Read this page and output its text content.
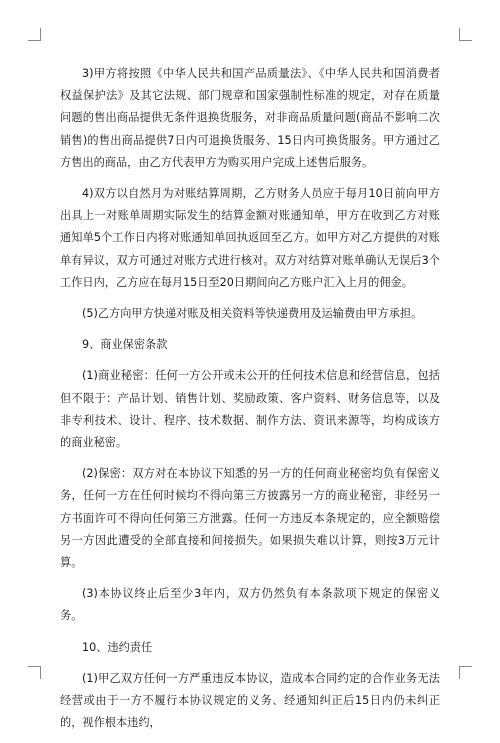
3)甲方将按照《中华人民共和国产品质量法》、《中华人民共和国消费者权益保护法》及其它法规、部门规章和国家强制性标准的规定，对存在质量问题的售出商品提供无条件退换货服务，对非商品质量问题(商品不影响二次销售)的售出商品提供7日内可退换货服务、15日内可换货服务。甲方通过乙方售出的商品，由乙方代表甲方为购买用户完成上述售后服务。

4)双方以自然月为对账结算周期，乙方财务人员应于每月10日前向甲方出具上一对账单周期实际发生的结算金额对账通知单，甲方在收到乙方对账通知单5个工作日内将对账通知单回执返回至乙方。如甲方对乙方提供的对账单有异议，双方可通过对账方式进行核对。双方对结算对账单确认无误后3个工作日内，乙方应在每月15日至20日期间向乙方账户汇入上月的佣金。

(5)乙方向甲方快递对账及相关资料等快递费用及运输费由甲方承担。

9、商业保密条款

(1)商业秘密：任何一方公开或未公开的任何技术信息和经营信息，包括但不限于：产品计划、销售计划、奖励政策、客户资料、财务信息等，以及非专利技术、设计、程序、技术数据、制作方法、资讯来源等，均构成该方的商业秘密。

(2)保密：双方对在本协议下知悉的另一方的任何商业秘密均负有保密义务，任何一方在任何时候均不得向第三方披露另一方的商业秘密，非经另一方书面许可不得向任何第三方泄露。任何一方违反本条规定的，应全额赔偿另一方因此遭受的全部直接和间接损失。如果损失难以计算，则按3万元计算。

(3)本协议终止后至少3年内，双方仍然负有本条款项下规定的保密义务。

10、违约责任

(1)甲乙双方任何一方严重违反本协议，造成本合同约定的合作业务无法经营或由于一方不履行本协议规定的义务、经通知纠正后15日内仍未纠正的，视作根本违约，
